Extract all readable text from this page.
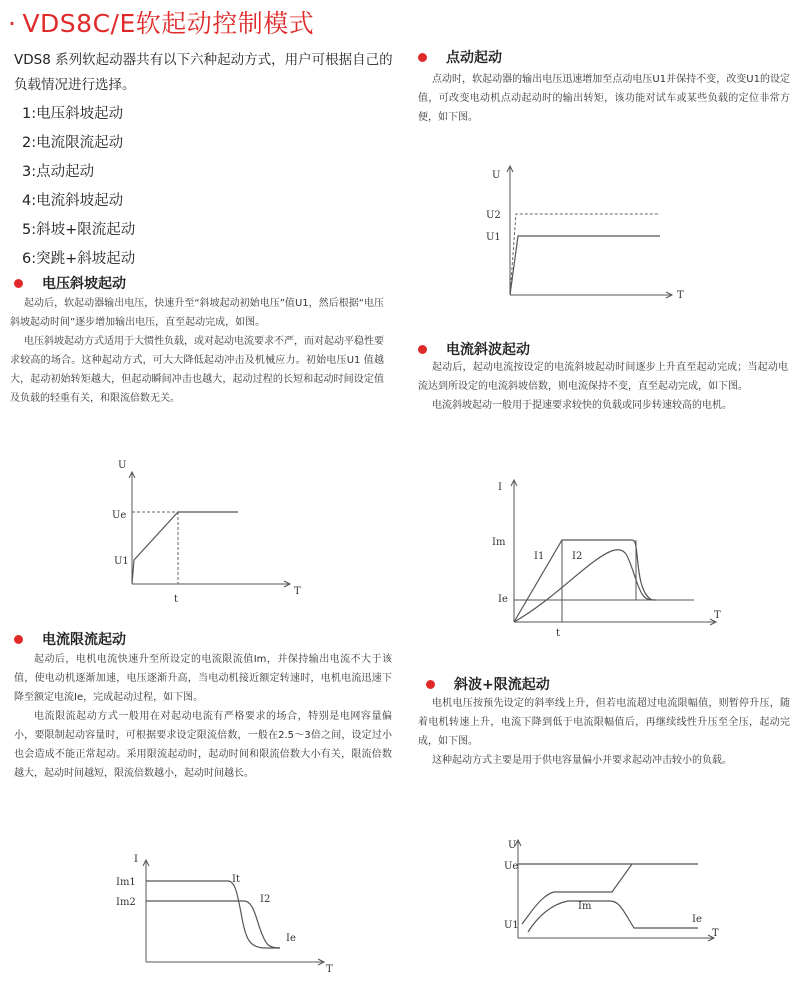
· VDS8C/E软起动控制模式
VDS8 系列软起动器共有以下六种起动方式，用户可根据自己的负载情况进行选择。
1:电压斜坡起动
2:电流限流起动
3:点动起动
4:电流斜坡起动
5:斜坡+限流起动
6:突跳+斜坡起动
电压斜坡起动

起动后，软起动器输出电压，快速升至“斜坡起动初始电压”值U1，然后根据“电压斜坡起动时间”逐步增加输出电压，直至起动完成，如图。

电压斜坡起动方式适用于大惯性负载，或对起动电流要求不严，而对起动平稳性要求较高的场合。这种起动方式，可大大降低起动冲击及机械应力。初始电压U1 值越大，起动初始转矩越大，但起动瞬间冲击也越大，起动过程的长短和起动时间设定值及负载的轻重有关，和限流倍数无关。

U
T
Ue
U1
t
电流限流起动

起动后，电机电流快速升至所设定的电流限流值Im，并保持输出电流不大于该值，使电动机逐渐加速，电压逐渐升高，当电动机接近额定转速时，电机电流迅速下降至额定电流Ie，完成起动过程，如下图。

电流限流起动方式一般用在对起动电流有严格要求的场合，特别是电网容量偏小，要限制起动容量时，可根据要求设定限流倍数，一般在2.5～3倍之间，设定过小也会造成不能正常起动。采用限流起动时，起动时间和限流倍数大小有关，限流倍数越大，起动时间越短，限流倍数越小，起动时间越长。

I
T
Im1
Im2
It
I2
Ie
点动起动

点动时，软起动器的输出电压迅速增加至点动电压U1并保持不变，改变U1的设定值，可改变电动机点动起动时的输出转矩，该功能对试车或某些负载的定位非常方便，如下图。

U
T
U2
U1
电流斜波起动

起动后，起动电流按设定的电流斜坡起动时间逐步上升直至起动完成；当起动电流达到所设定的电流斜坡倍数，则电流保持不变，直至起动完成，如下图。

电流斜坡起动一般用于提速要求较快的负载或同步转速较高的电机。

I
T
Im
Ie
I1	I2
t
斜波+限流起动

电机电压按预先设定的斜率线上升，但若电流超过电流限幅值，则暂停升压，随着电机转速上升，电流下降到低于电流限幅值后，再继续线性升压至全压，起动完成，如下图。

这种起动方式主要是用于供电容量偏小并要求起动冲击较小的负载。

U
T
Ue
U1
Im
Ie
